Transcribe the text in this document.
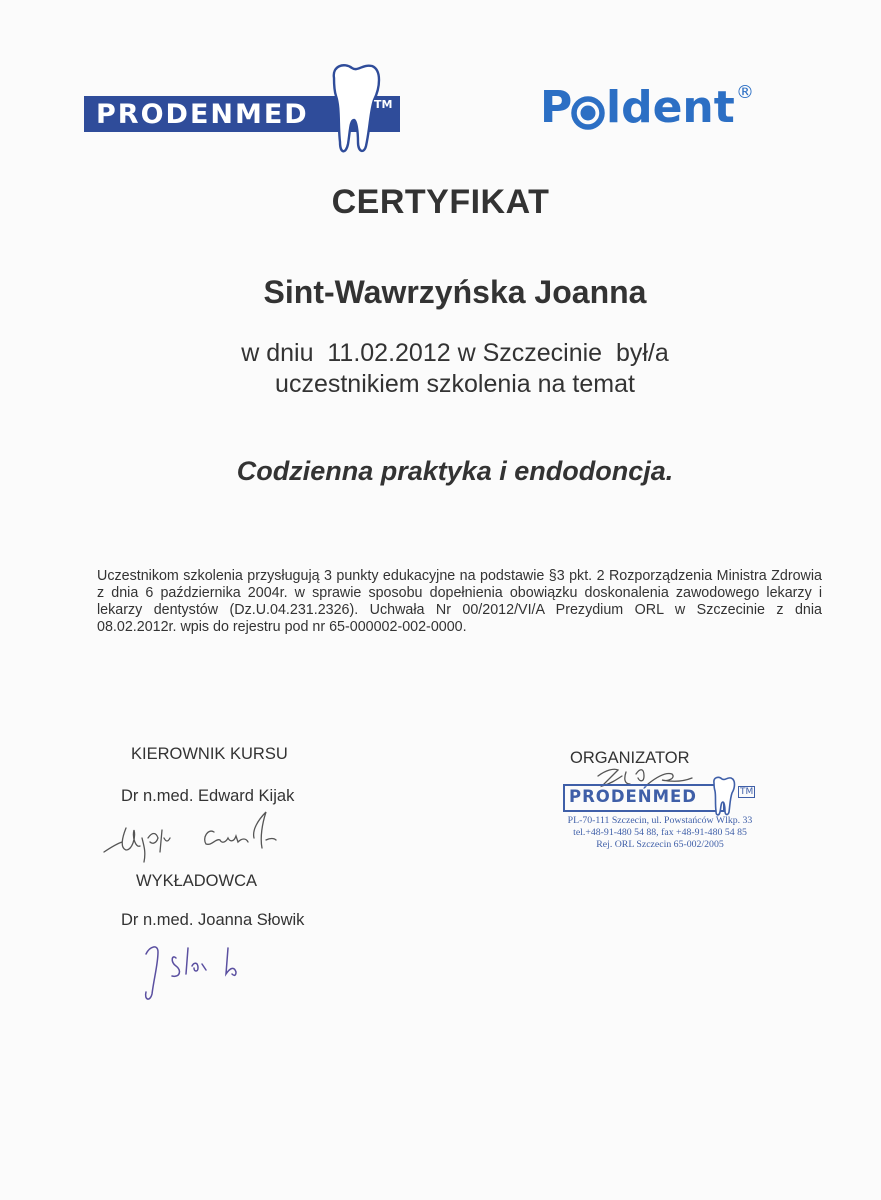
PRODENMED	TM	P ldent ®
CERTYFIKAT
Sint-Wawrzyńska Joanna
w dniu  11.02.2012 w Szczecinie  był/a
uczestnikiem szkolenia na temat
Codzienna praktyka i endodoncja.
Uczestnikom szkolenia przysługują 3 punkty edukacyjne na podstawie §3 pkt. 2 Rozporządzenia Ministra Zdrowia z dnia 6 października 2004r. w sprawie sposobu dopełnienia obowiązku doskonalenia zawodowego lekarzy i lekarzy dentystów (Dz.U.04.231.2326). Uchwała Nr 00/2012/VI/A Prezydium ORL w Szczecinie z dnia 08.02.2012r. wpis do rejestru pod nr 65-000002-002-0000.
KIEROWNIK KURSU
Dr n.med. Edward Kijak
WYKŁADOWCA
Dr n.med. Joanna Słowik
ORGANIZATOR
PRODEŃMED	TM
PL-70-111 Szczecin, ul. Powstańców Wlkp. 33
tel.+48-91-480 54 88, fax +48-91-480 54 85
Rej. ORL Szczecin 65-002/2005
